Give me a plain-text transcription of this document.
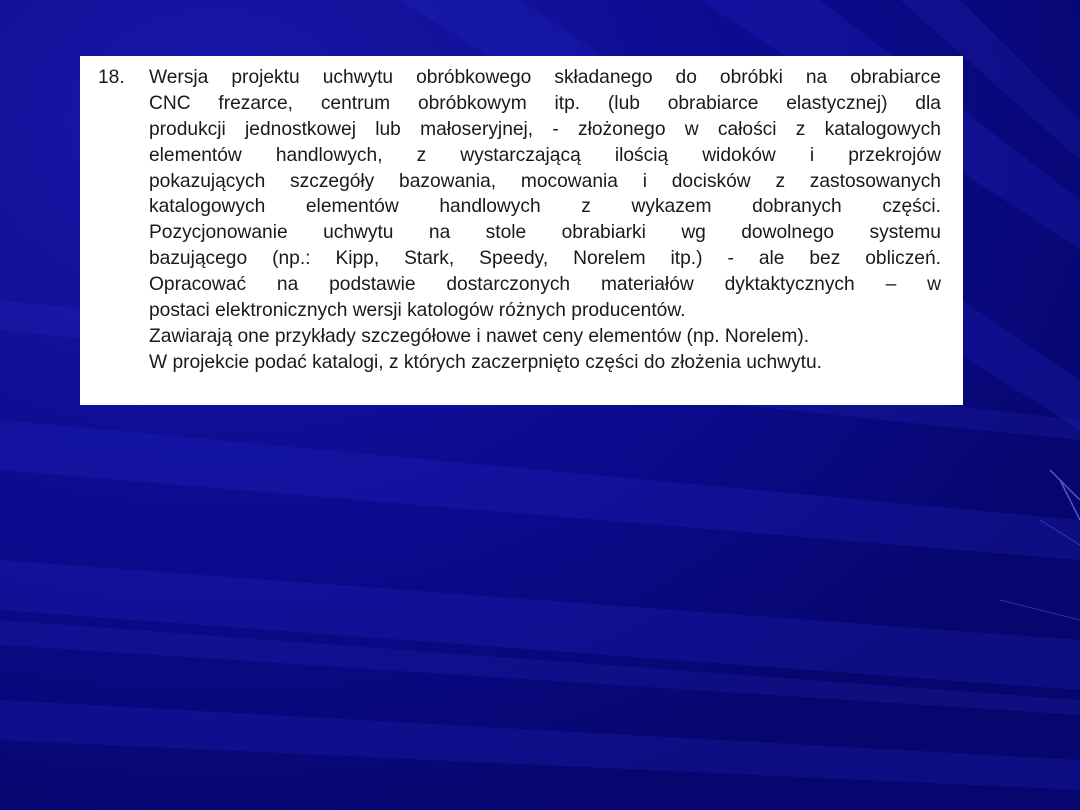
18.	Wersja projektu uchwytu obróbkowego składanego do obróbki na obrabiarce
CNC frezarce, centrum obróbkowym itp. (lub obrabiarce elastycznej) dla
produkcji jednostkowej lub małoseryjnej, - złożonego w całości z katalogowych
elementów handlowych, z wystarczającą ilością widoków i przekrojów
pokazujących szczegóły bazowania, mocowania i docisków z zastosowanych
katalogowych elementów handlowych z wykazem dobranych części.
Pozycjonowanie uchwytu na stole obrabiarki wg dowolnego systemu
bazującego (np.: Kipp, Stark, Speedy, Norelem itp.) - ale bez obliczeń.
Opracować na podstawie dostarczonych materiałów dyktaktycznych – w
postaci elektronicznych wersji katologów różnych producentów.
Zawiarają one przykłady szczegółowe i nawet ceny elementów (np. Norelem).
W projekcie podać katalogi, z których zaczerpnięto części do złożenia uchwytu.
